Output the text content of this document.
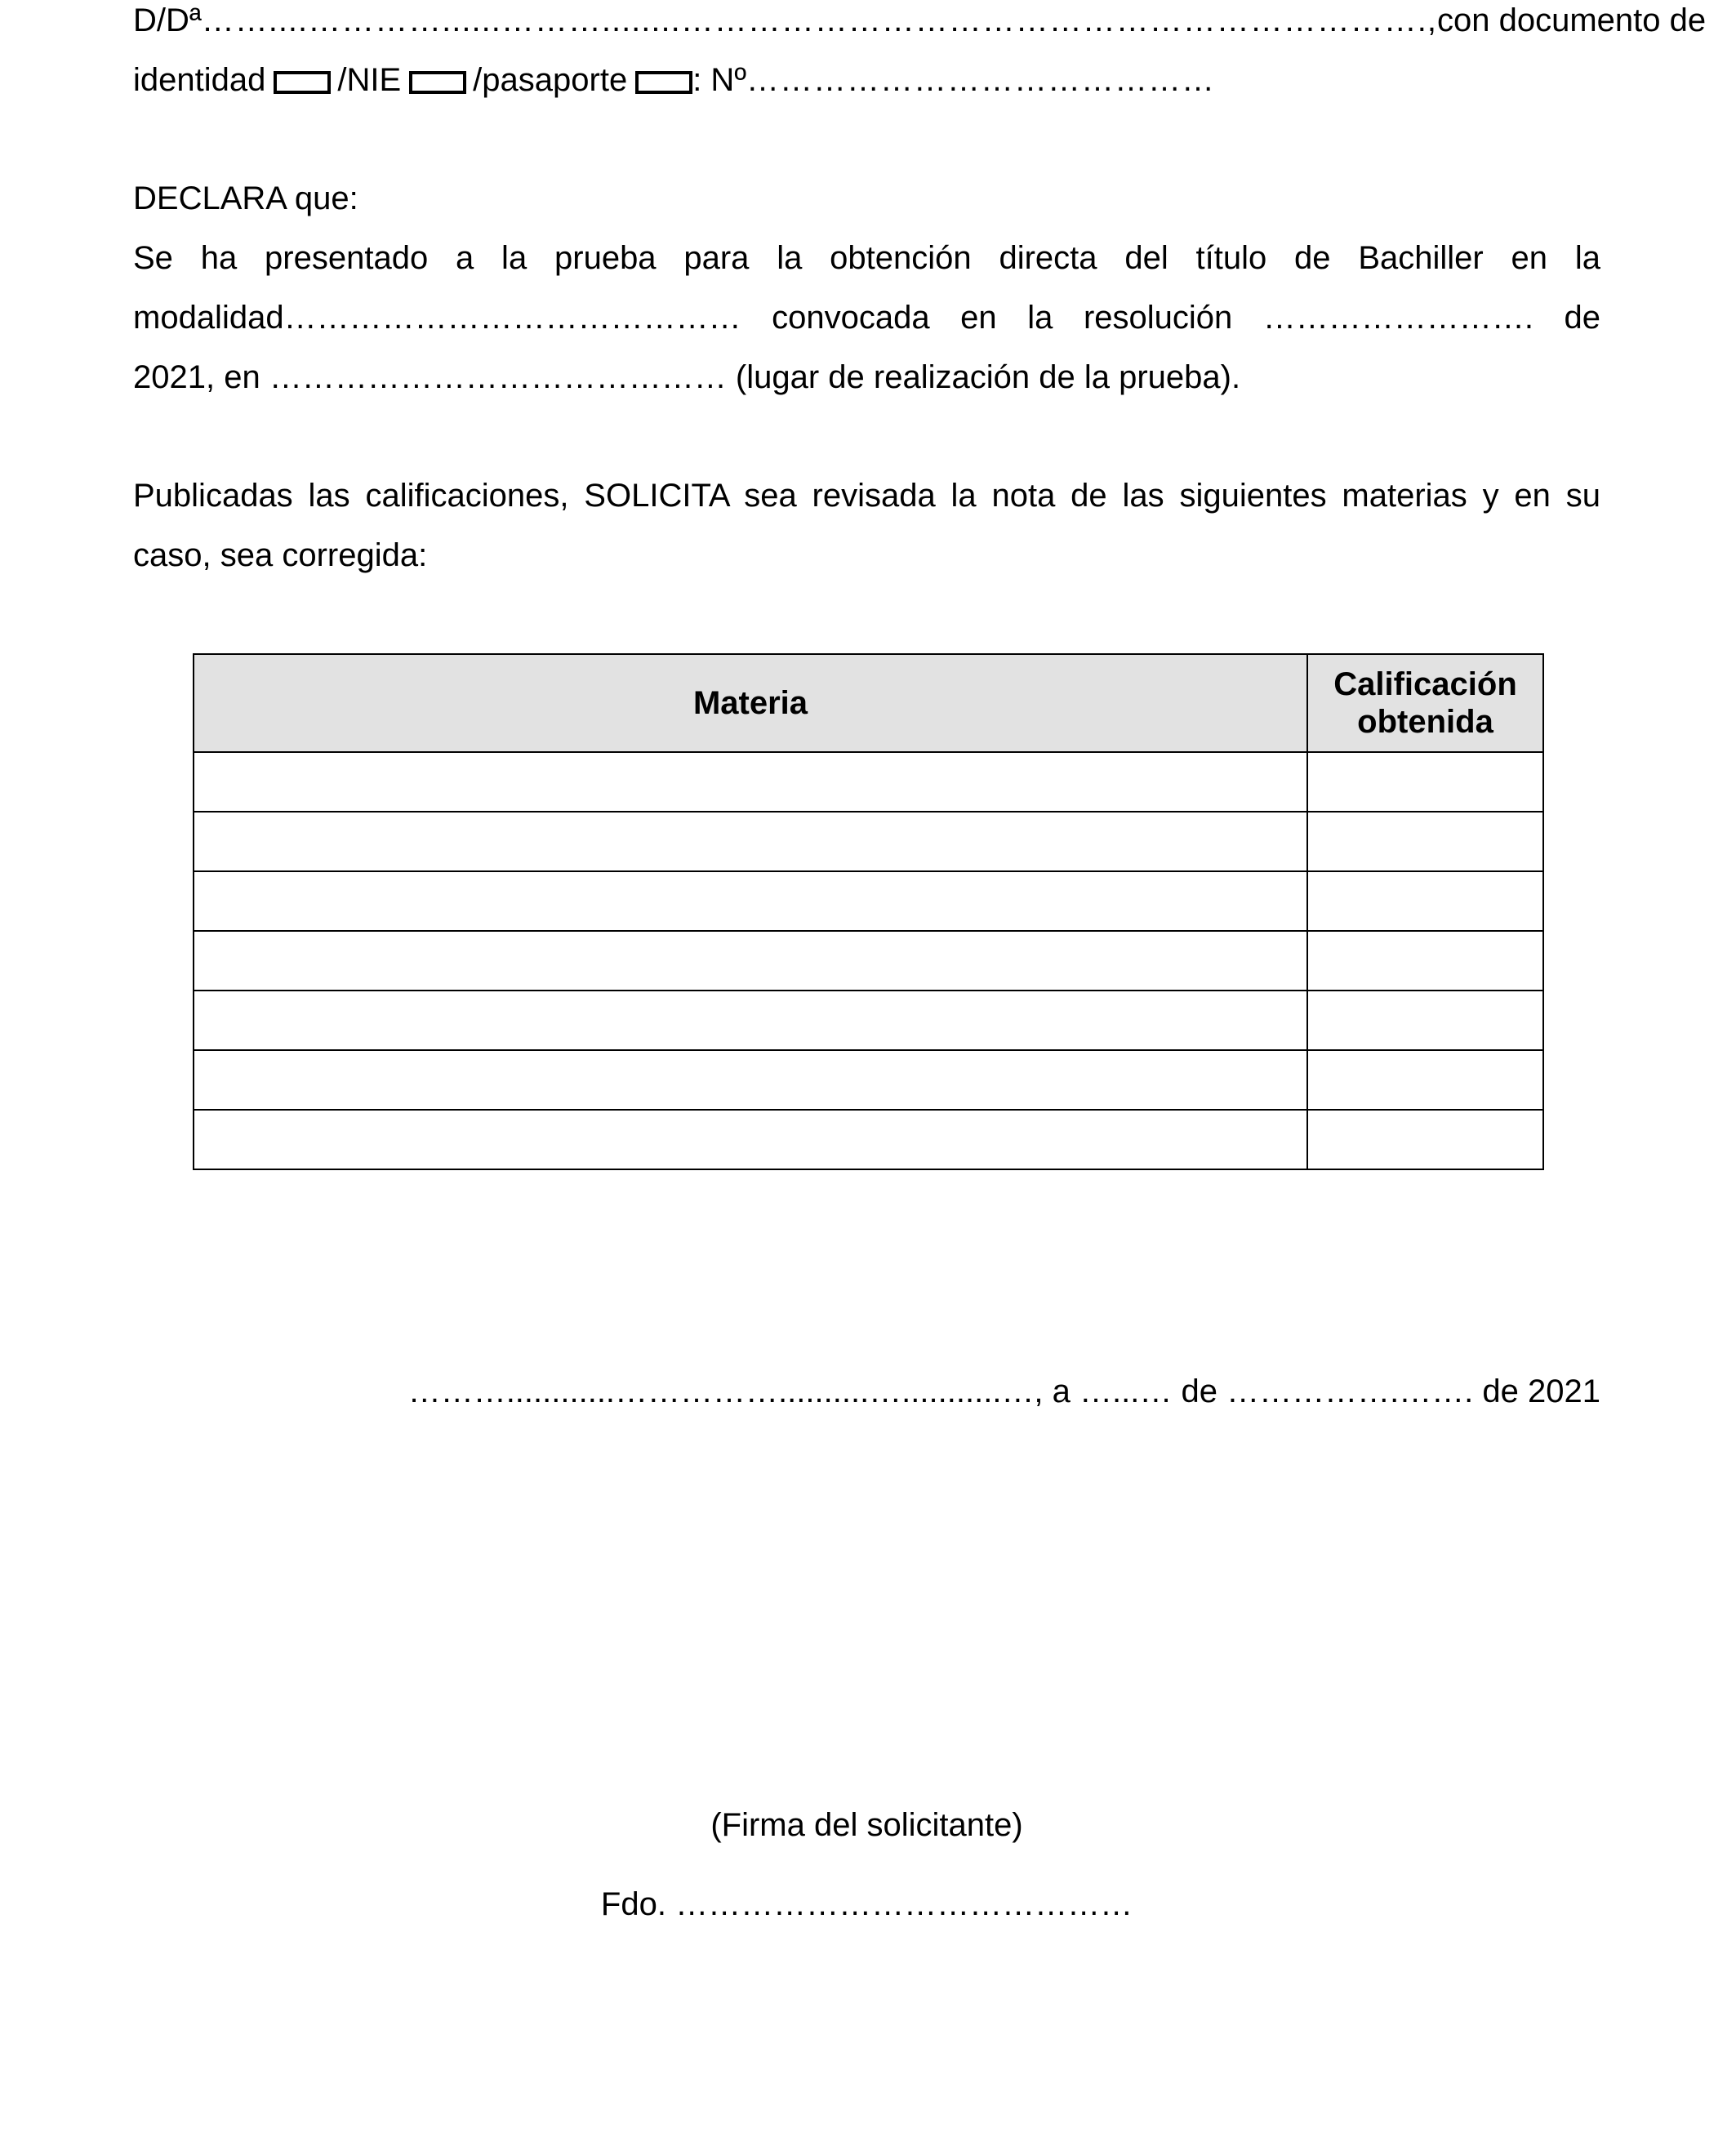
D/Dª ……....…………......………........…………………………………………………………., con documento de
identidad /NIE /pasaporte : Nº……………………………………
DECLARA que:
Se ha presentado a la prueba para la obtención directa del título de Bachiller en la
modalidad…………………………………… convocada en la resolución ……………………. de
2021, en …………………………………… (lugar de realización de la prueba).
Publicadas las calificaciones, SOLICITA sea revisada la nota de las siguientes materias y en su
caso, sea corregida:
………............……………..........…...........…, a …...… de …………….……. de 2021
(Firma del solicitante)
Fdo. ……………………………………
Materia	Calificación
obtenida
